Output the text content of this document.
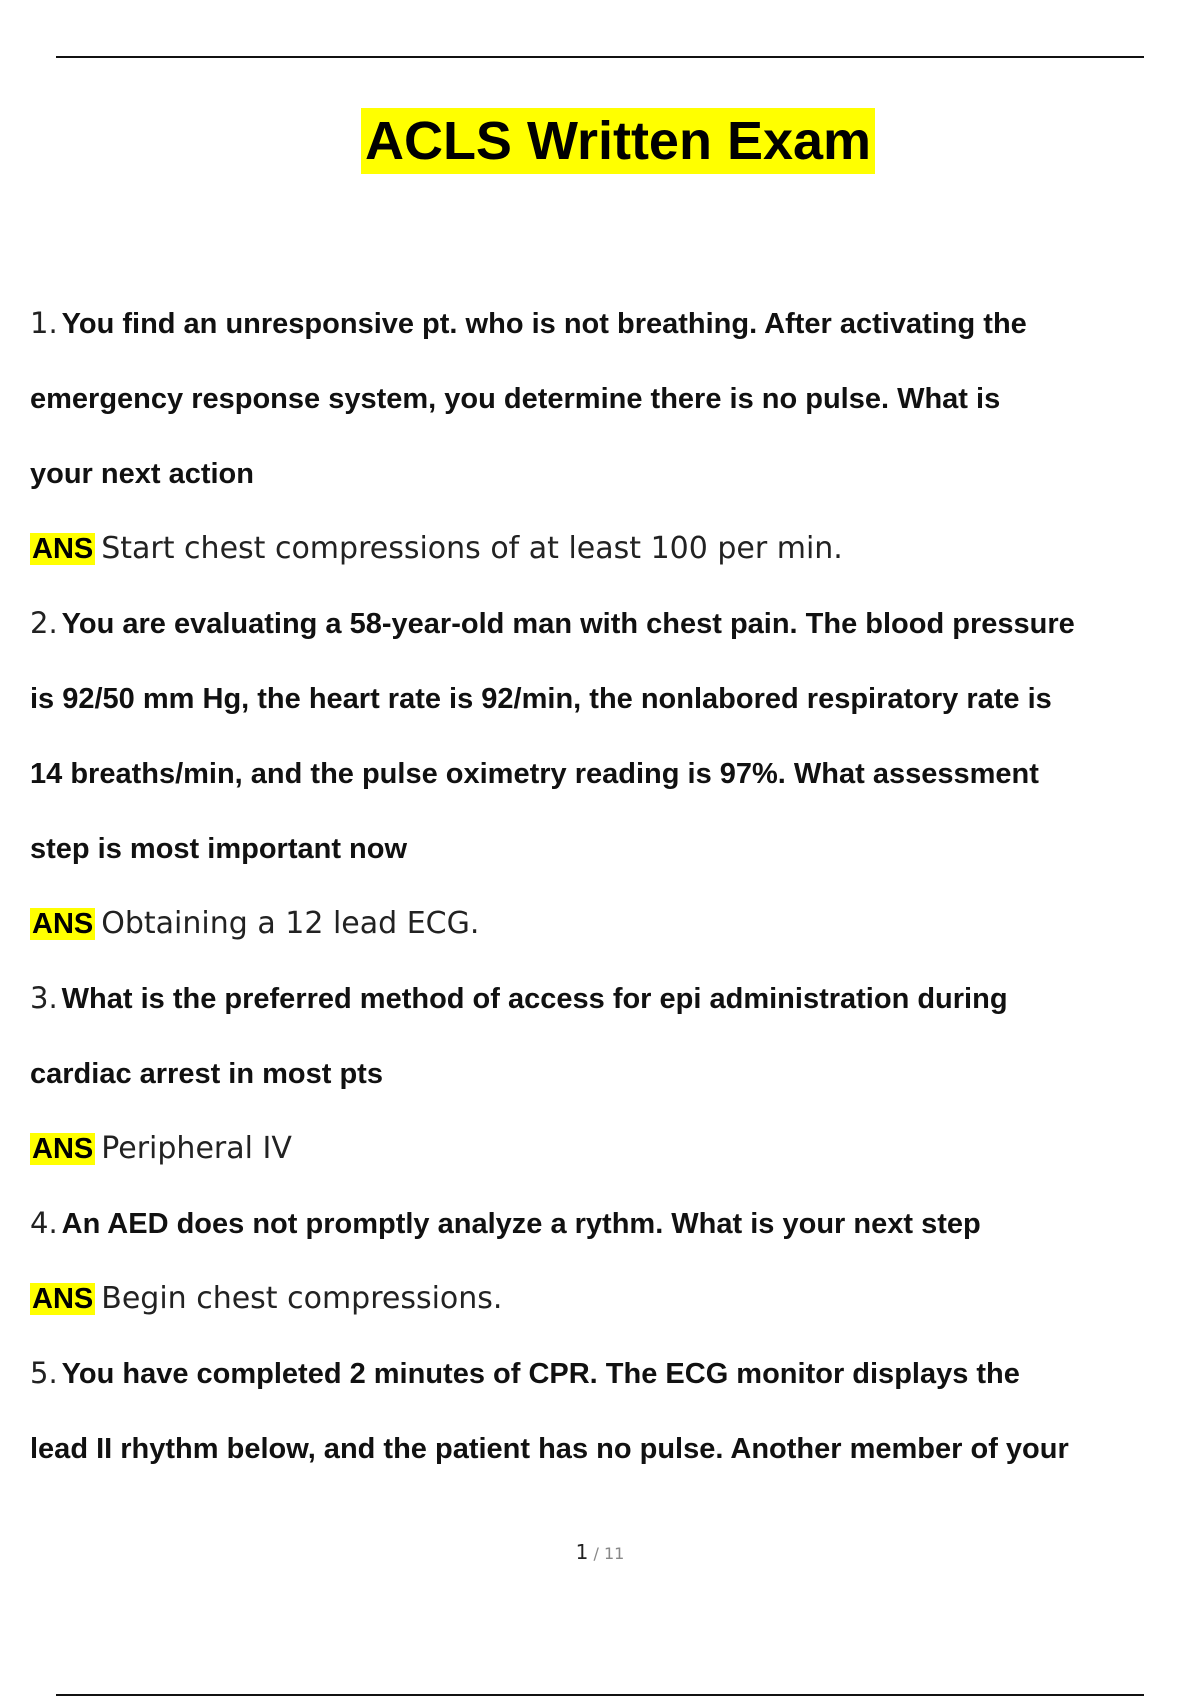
ACLS Written Exam
1. You find an unresponsive pt. who is not breathing. After activating the
emergency response system, you determine there is no pulse. What is
your next action
ANS Start chest compressions of at least 100 per min.
2. You are evaluating a 58-year-old man with chest pain. The blood pressure
is 92/50 mm Hg, the heart rate is 92/min, the nonlabored respiratory rate is
14 breaths/min, and the pulse oximetry reading is 97%. What assessment
step is most important now
ANS Obtaining a 12 lead ECG.
3. What is the preferred method of access for epi administration during
cardiac arrest in most pts
ANS Peripheral IV
4. An AED does not promptly analyze a rythm. What is your next step
ANS Begin chest compressions.
5. You have completed 2 minutes of CPR. The ECG monitor displays the
lead II rhythm below, and the patient has no pulse. Another member of your
1 / 11
